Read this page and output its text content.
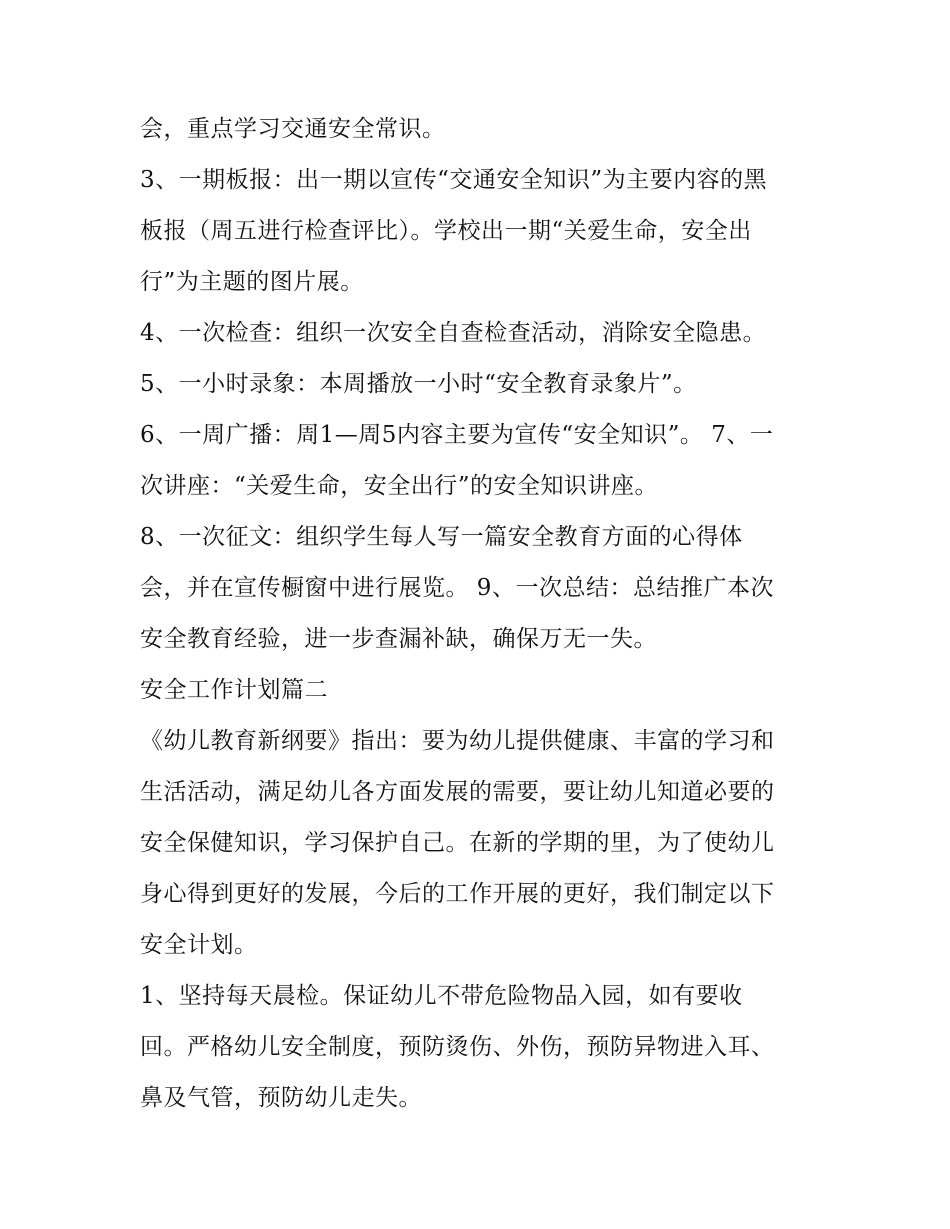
会，重点学习交通安全常识。
3、一期板报：出一期以宣传“交通安全知识”为主要内容的黑
板报（周五进行检查评比）。学校出一期“关爱生命，安全出
行”为主题的图片展。
4、一次检查：组织一次安全自查检查活动，消除安全隐患。
5、一小时录象：本周播放一小时“安全教育录象片”。
6、一周广播：周1—周5内容主要为宣传“安全知识”。 7、一
次讲座：“关爱生命，安全出行”的安全知识讲座。
8、一次征文：组织学生每人写一篇安全教育方面的心得体
会，并在宣传橱窗中进行展览。 9、一次总结：总结推广本次
安全教育经验，进一步查漏补缺，确保万无一失。
安全工作计划篇二
《幼儿教育新纲要》指出：要为幼儿提供健康、丰富的学习和
生活活动，满足幼儿各方面发展的需要，要让幼儿知道必要的
安全保健知识，学习保护自己。在新的学期的里，为了使幼儿
身心得到更好的发展，今后的工作开展的更好，我们制定以下
安全计划。
1、坚持每天晨检。保证幼儿不带危险物品入园，如有要收
回。严格幼儿安全制度，预防烫伤、外伤，预防异物进入耳、
鼻及气管，预防幼儿走失。
